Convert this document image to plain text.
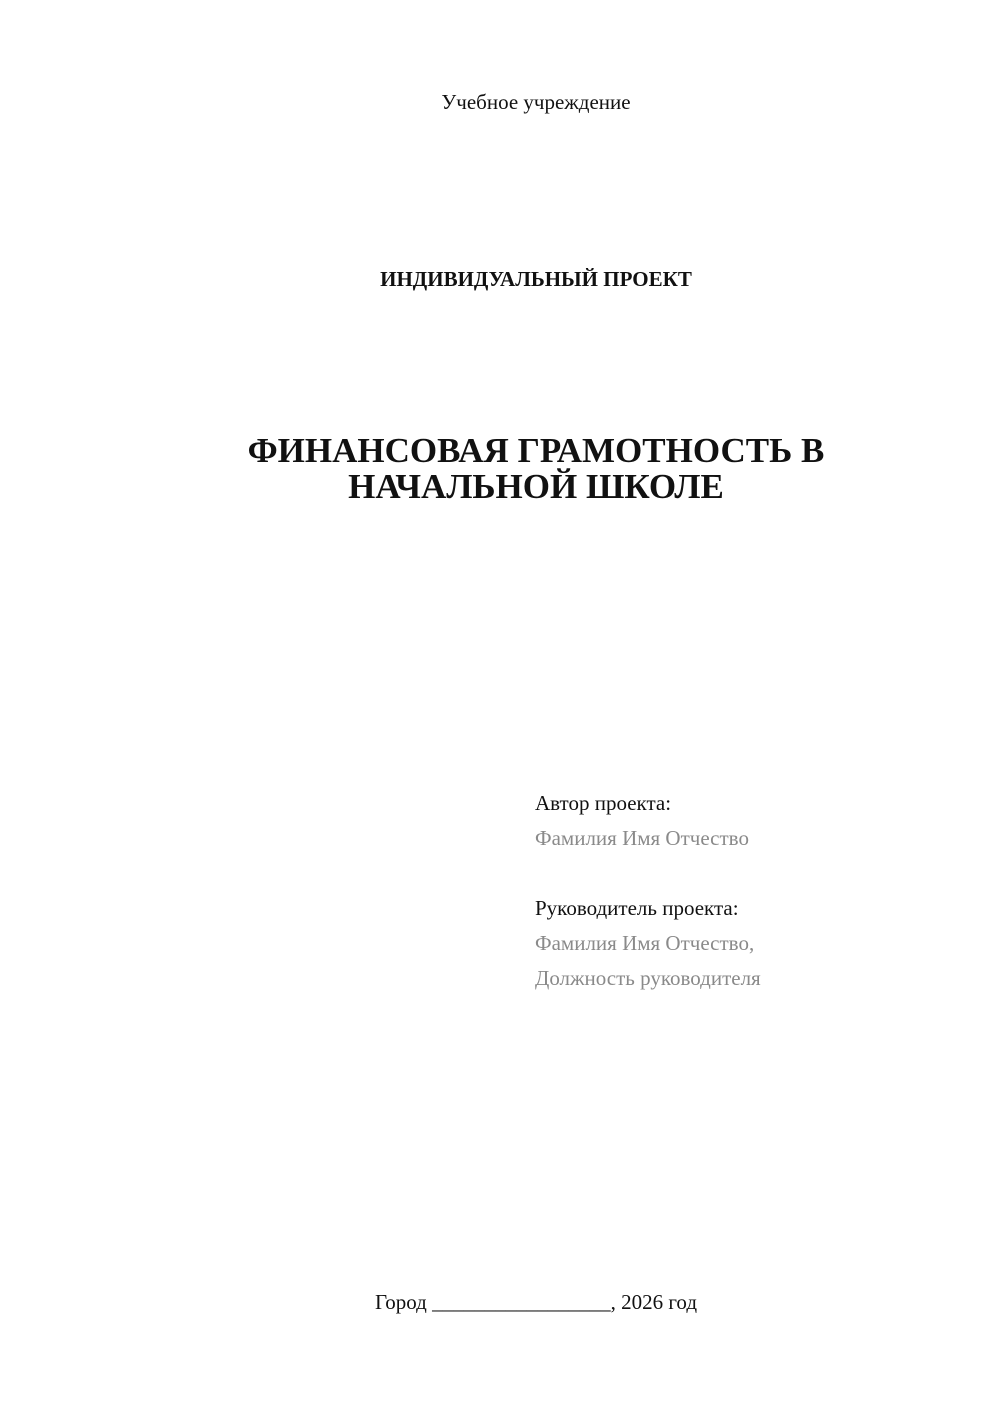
Учебное учреждение
ИНДИВИДУАЛЬНЫЙ ПРОЕКТ
ФИНАНСОВАЯ ГРАМОТНОСТЬ В
НАЧАЛЬНОЙ ШКОЛЕ
Автор проекта:
Фамилия Имя Отчество
Руководитель проекта:
Фамилия Имя Отчество,
Должность руководителя
Город _________________, 2026 год
